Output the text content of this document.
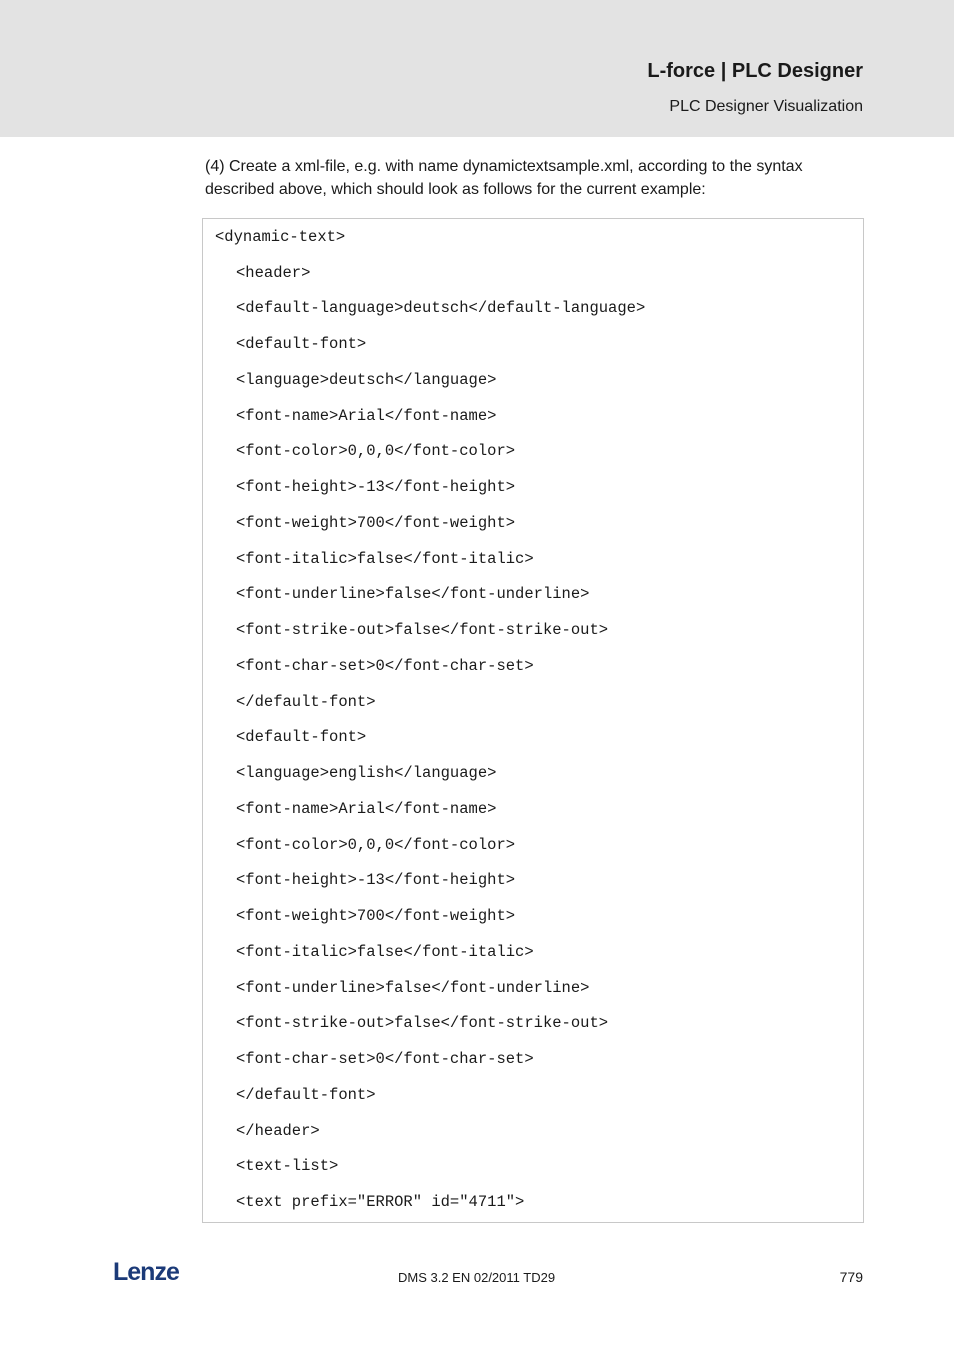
L-force | PLC Designer
PLC Designer Visualization
(4) Create a xml-file, e.g. with name dynamictextsample.xml, according to the syntax described above, which should look as follows for the current example:
<dynamic-text>
<header>
<default-language>deutsch</default-language>
<default-font>
<language>deutsch</language>
<font-name>Arial</font-name>
<font-color>0,0,0</font-color>
<font-height>-13</font-height>
<font-weight>700</font-weight>
<font-italic>false</font-italic>
<font-underline>false</font-underline>
<font-strike-out>false</font-strike-out>
<font-char-set>0</font-char-set>
</default-font>
<default-font>
<language>english</language>
<font-name>Arial</font-name>
<font-color>0,0,0</font-color>
<font-height>-13</font-height>
<font-weight>700</font-weight>
<font-italic>false</font-italic>
<font-underline>false</font-underline>
<font-strike-out>false</font-strike-out>
<font-char-set>0</font-char-set>
</default-font>
</header>
<text-list>
<text prefix="ERROR" id="4711">
Lenze	DMS 3.2 EN 02/2011 TD29	779
